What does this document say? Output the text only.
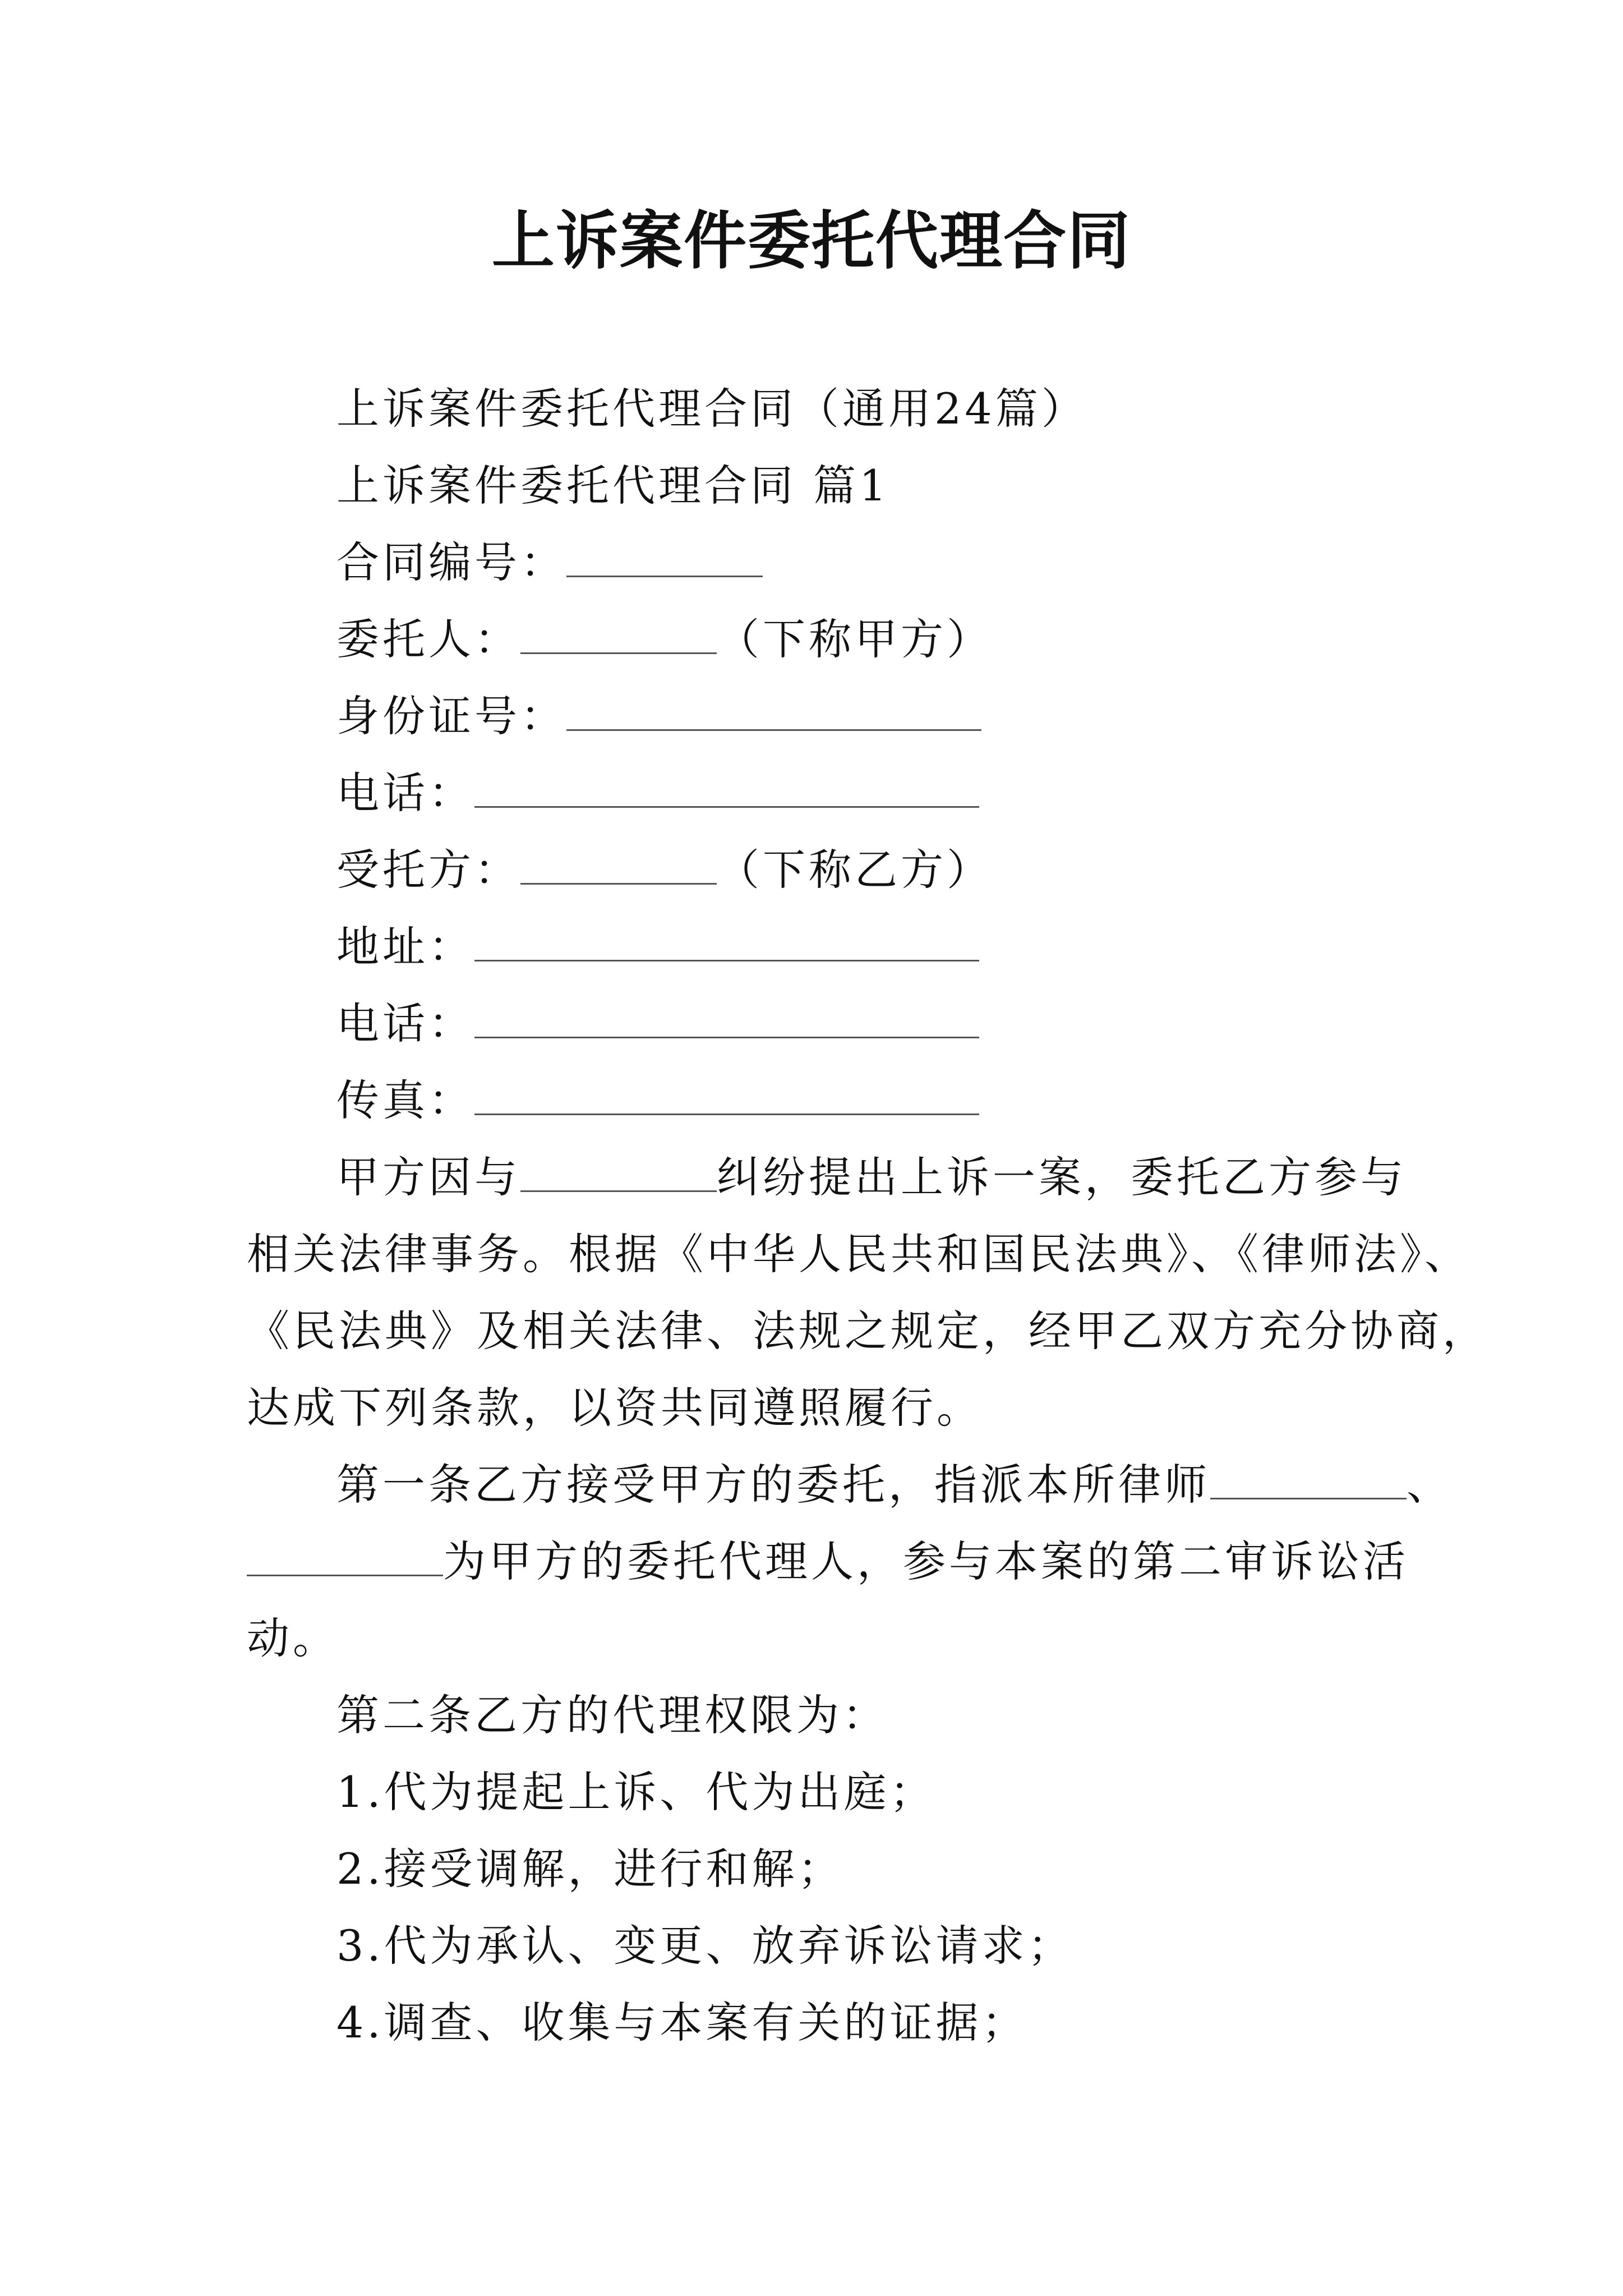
上诉案件委托代理合同
上诉案件委托代理合同（通用24篇）
上诉案件委托代理合同 篇1
合同编号：
委托人：	（下称甲方）
身份证号：
电话：
受托方：	（下称乙方）
地址：
电话：
传真：
甲方因与	纠纷提出上诉一案，委托乙方参与
相关法律事务。根据《中华人民共和国民法典》、《律师法》、
《民法典》及相关法律、法规之规定，经甲乙双方充分协商，
达成下列条款，以资共同遵照履行。
第一条乙方接受甲方的委托，指派本所律师	、
为甲方的委托代理人，参与本案的第二审诉讼活
动。
第二条乙方的代理权限为：
1.代为提起上诉、代为出庭；
2.接受调解，进行和解；
3.代为承认、变更、放弃诉讼请求；
4.调查、收集与本案有关的证据；
